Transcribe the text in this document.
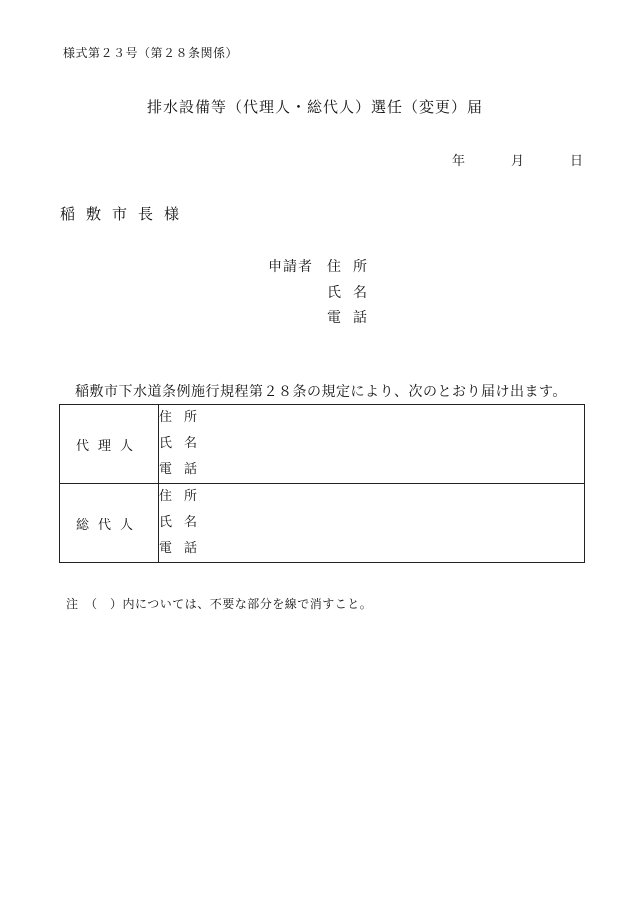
様式第２３号（第２８条関係）
排水設備等（代理人・総代人）選任（変更）届
年	月	日
稲敷市長様
申請者 住所
氏名
電話
稲敷市下水道条例施行規程第２８条の規定により、次のとおり届け出ます。
代理人	住所
氏名
電話

総代人	住所
氏名
電話
注　（　）内については、不要な部分を線で消すこと。
